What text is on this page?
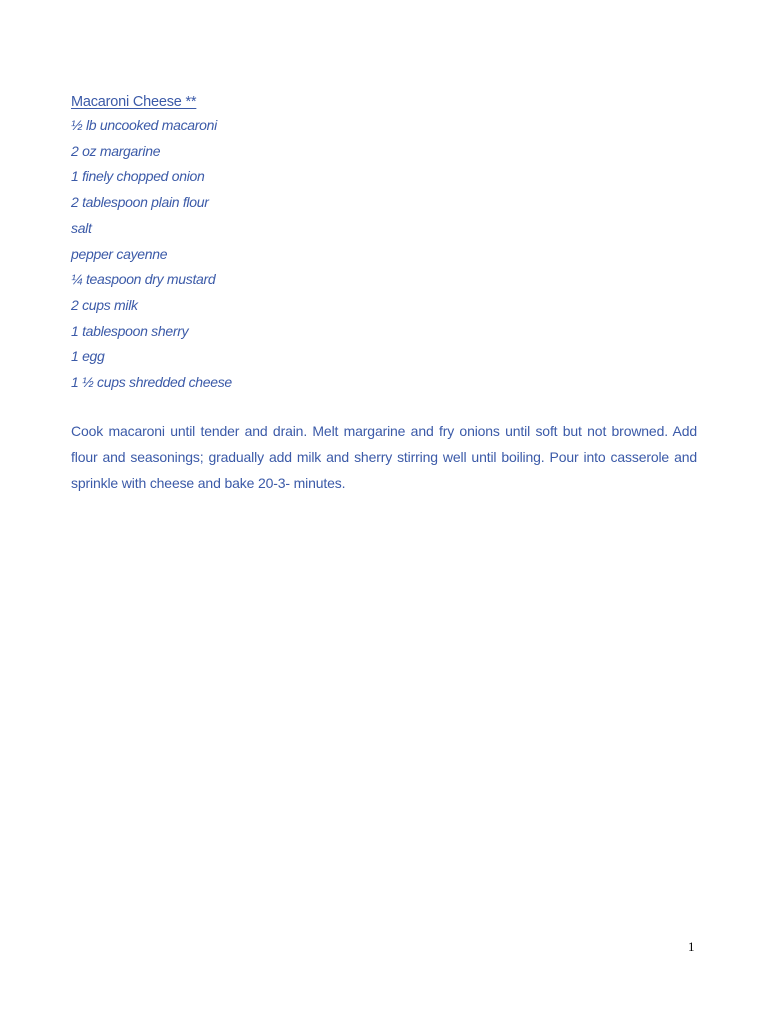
Macaroni Cheese **
½ lb uncooked macaroni
2 oz margarine
1 finely chopped onion
2 tablespoon plain flour
salt
pepper cayenne
¼ teaspoon dry mustard
2 cups milk
1 tablespoon sherry
1 egg
1 ½ cups shredded cheese

Cook macaroni until tender and drain. Melt margarine and fry onions until soft but not browned. Add flour and seasonings; gradually add milk and sherry stirring well until boiling. Pour into casserole and sprinkle with cheese and bake 20-3- minutes.

1
